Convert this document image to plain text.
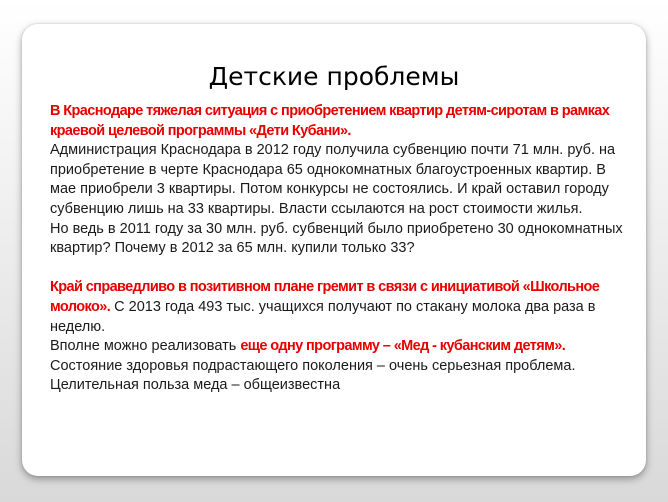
Детские проблемы

В Краснодаре тяжелая ситуация с приобретением квартир детям-сиротам в рамках краевой целевой программы «Дети Кубани».

Администрация Краснодара в 2012 году получила субвенцию почти 71 млн. руб. на приобретение в черте Краснодара 65 однокомнатных благоустроенных квартир. В мае приобрели 3 квартиры. Потом конкурсы не состоялись. И край оставил городу субвенцию лишь на 33 квартиры. Власти ссылаются на рост стоимости жилья.

Но ведь в 2011 году за 30 млн. руб. субвенций было приобретено 30 однокомнатных квартир? Почему в 2012 за 65 млн. купили только 33?

Край справедливо в позитивном плане гремит в связи с инициативой «Школьное молоко». С 2013 года 493 тыс. учащихся получают по стакану молока два раза в неделю.

Вполне можно реализовать еще одну программу – «Мед - кубанским детям».

Состояние здоровья подрастающего поколения – очень серьезная проблема.

Целительная польза меда – общеизвестна
